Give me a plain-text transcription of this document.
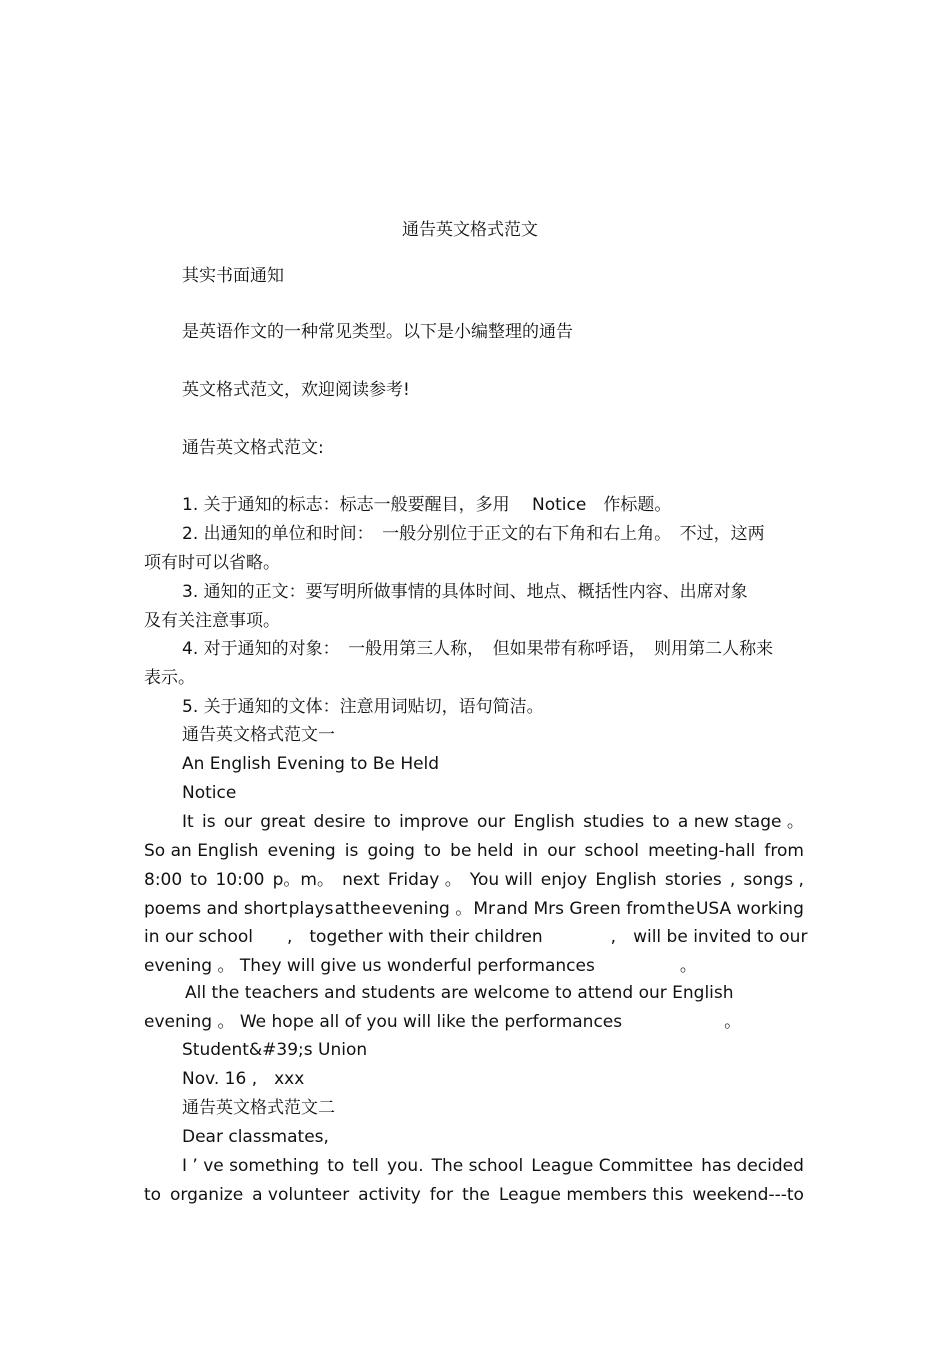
通告英文格式范文
其实书面通知
是英语作文的一种常见类型。以下是小编整理的通告
英文格式范文，欢迎阅读参考!
通告英文格式范文:
1. 关于通知的标志：标志一般要醒目，多用　 Notice　作标题。
2. 出通知的单位和时间：　一般分别位于正文的右下角和右上角。　不过，这两
项有时可以省略。
3. 通知的正文：要写明所做事情的具体时间、地点、概括性内容、出席对象
及有关注意事项。
4. 对于通知的对象：　一般用第三人称，　但如果带有称呼语，　则用第二人称来
表示。
5. 关于通知的文体：注意用词贴切，语句简洁。
通告英文格式范文一
An English Evening to Be Held
Notice
It is our great desire to improve our English studies to a new stage 。
So an English evening is going to be held in our school meeting-hall from
8:00 to 10:00 p。m。 next Friday 。 You will enjoy English stories , songs ,
poems and short plays at the evening 。 Mr and Mrs Green from the USA working
in our school　　,　together with their children　　　　,　will be invited to our
evening 。 They will give us wonderful performances　　　　　。
All the teachers and students are welcome to attend our English
evening 。 We hope all of you will like the performances　　　　　　。
Student&#39;s Union
Nov. 16 ,　xxx
通告英文格式范文二
Dear classmates,
I ’ ve something to tell you. The school League Committee has decided
to organize a volunteer activity for the League members this weekend---to
